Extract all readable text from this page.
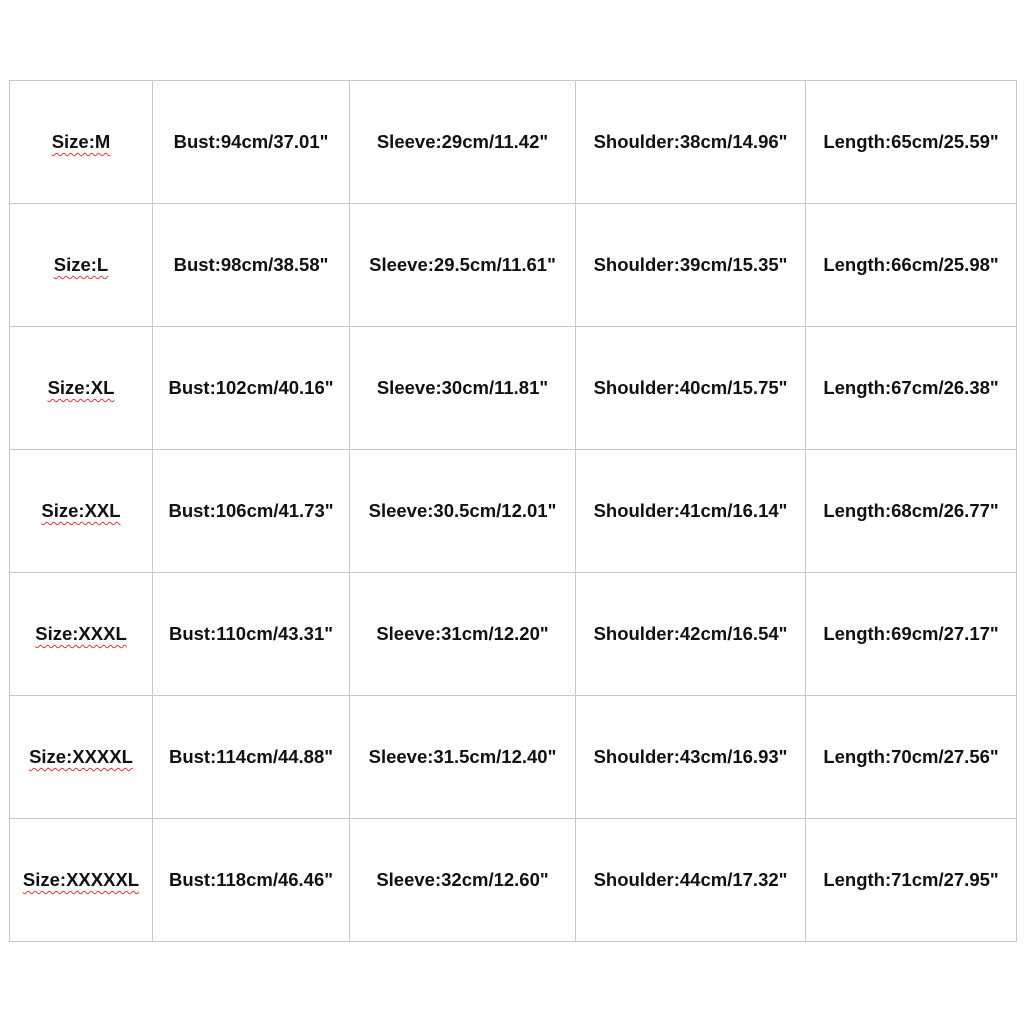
Size:M	Bust:94cm/37.01"	Sleeve:29cm/11.42"	Shoulder:38cm/14.96"	Length:65cm/25.59"
Size:L	Bust:98cm/38.58"	Sleeve:29.5cm/11.61"	Shoulder:39cm/15.35"	Length:66cm/25.98"
Size:XL	Bust:102cm/40.16"	Sleeve:30cm/11.81"	Shoulder:40cm/15.75"	Length:67cm/26.38"
Size:XXL	Bust:106cm/41.73"	Sleeve:30.5cm/12.01"	Shoulder:41cm/16.14"	Length:68cm/26.77"
Size:XXXL	Bust:110cm/43.31"	Sleeve:31cm/12.20"	Shoulder:42cm/16.54"	Length:69cm/27.17"
Size:XXXXL	Bust:114cm/44.88"	Sleeve:31.5cm/12.40"	Shoulder:43cm/16.93"	Length:70cm/27.56"
Size:XXXXXL	Bust:118cm/46.46"	Sleeve:32cm/12.60"	Shoulder:44cm/17.32"	Length:71cm/27.95"
